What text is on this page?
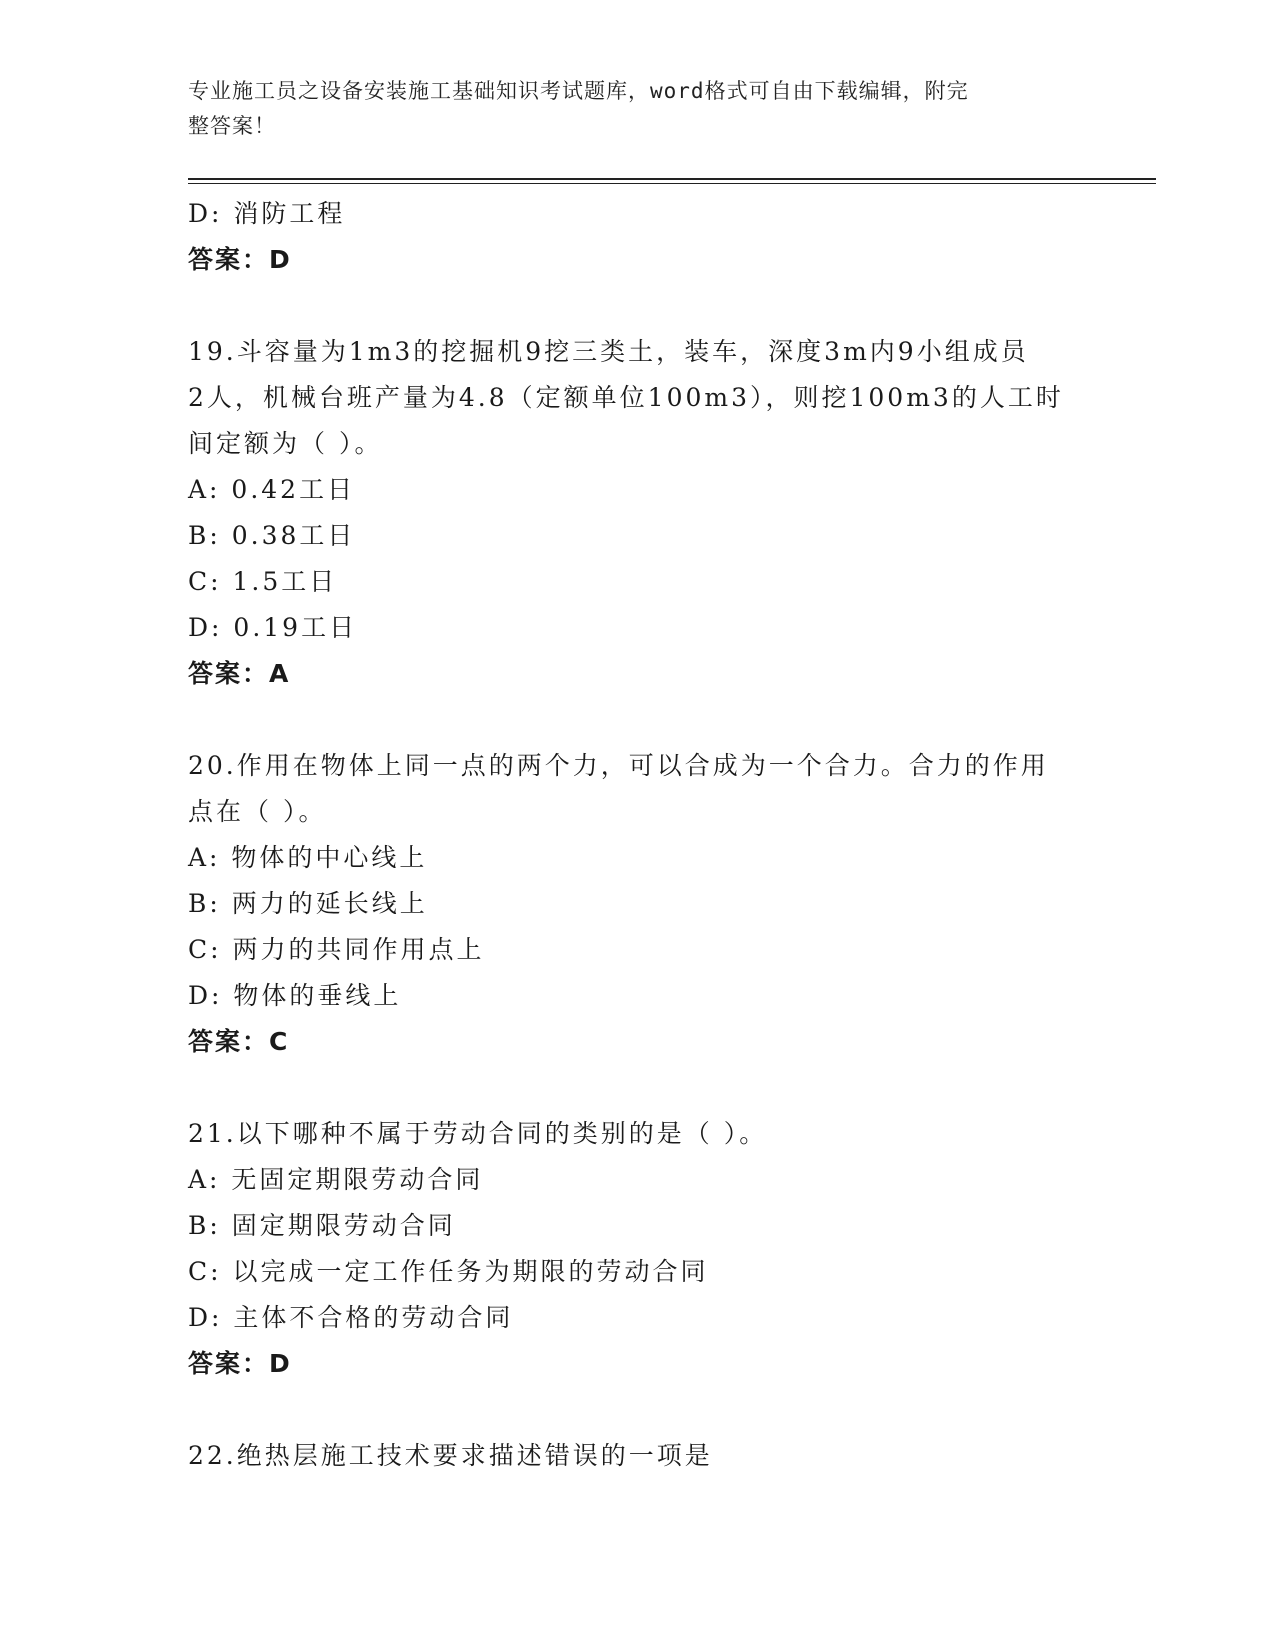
专业施工员之设备安装施工基础知识考试题库，word格式可自由下载编辑，附完
整答案！
D: 消防工程
答案：D
19.斗容量为1m3的挖掘机9挖三类土，装车，深度3m内9小组成员
2人，机械台班产量为4.8（定额单位100m3），则挖100m3的人工时
间定额为（ ）。
A: 0.42工日
B: 0.38工日
C: 1.5工日
D: 0.19工日
答案：A
20.作用在物体上同一点的两个力，可以合成为一个合力。合力的作用
点在（ ）。
A: 物体的中心线上
B: 两力的延长线上
C: 两力的共同作用点上
D: 物体的垂线上
答案：C
21.以下哪种不属于劳动合同的类别的是（ ）。
A: 无固定期限劳动合同
B: 固定期限劳动合同
C: 以完成一定工作任务为期限的劳动合同
D: 主体不合格的劳动合同
答案：D
22.绝热层施工技术要求描述错误的一项是
